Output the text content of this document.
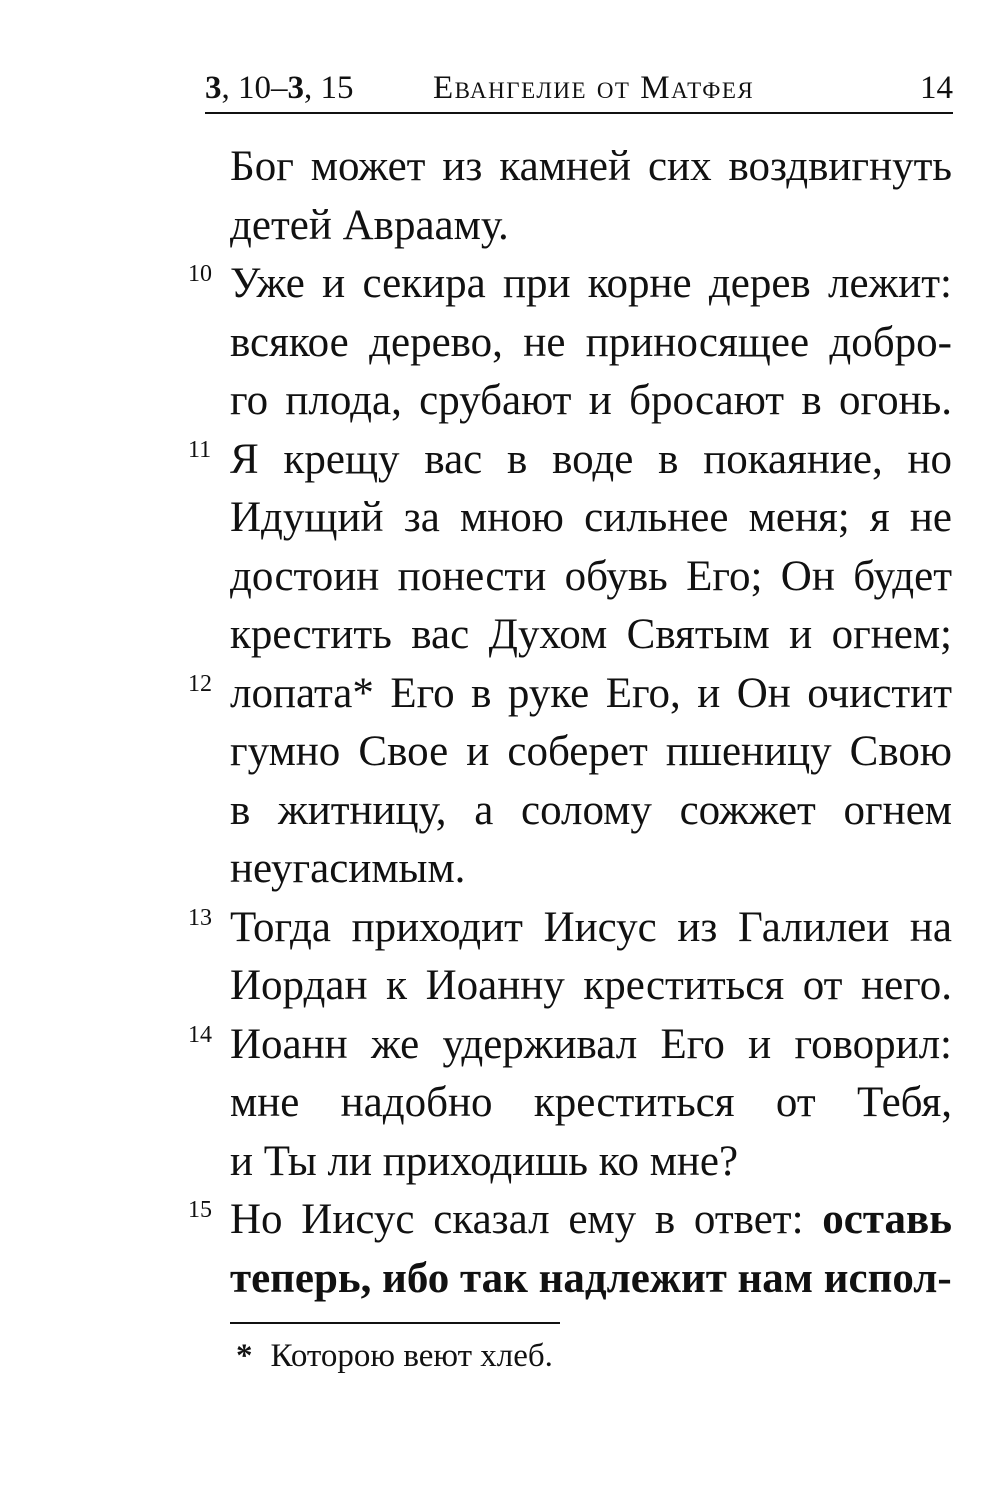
3, 10–3, 15 Евангелие от Матфея	14
Бог может из камней сих воздвигнуть
детей Аврааму.
10 Уже и секира при корне дерев лежит:
всякое дерево, не приносящее добро-
го плода, срубают и бросают в огонь.
11 Я крещу вас в воде в покаяние, но
Идущий за мною сильнее меня; я не
достоин понести обувь Его; Он будет
крестить вас Духом Святым и огнем;
12 лопата* Его в руке Его, и Он очистит
гумно Свое и соберет пшеницу Свою
в житницу, а солому сожжет огнем
неугасимым.
13 Тогда приходит Иисус из Галилеи на
Иордан к Иоанну креститься от него.
14 Иоанн же удерживал Его и говорил:
мне надобно креститься от Тебя,
и Ты ли приходишь ко мне?
15 Но Иисус сказал ему в ответ: оставь
теперь, ибо так надлежит нам испол-
* Которою веют хлеб.
